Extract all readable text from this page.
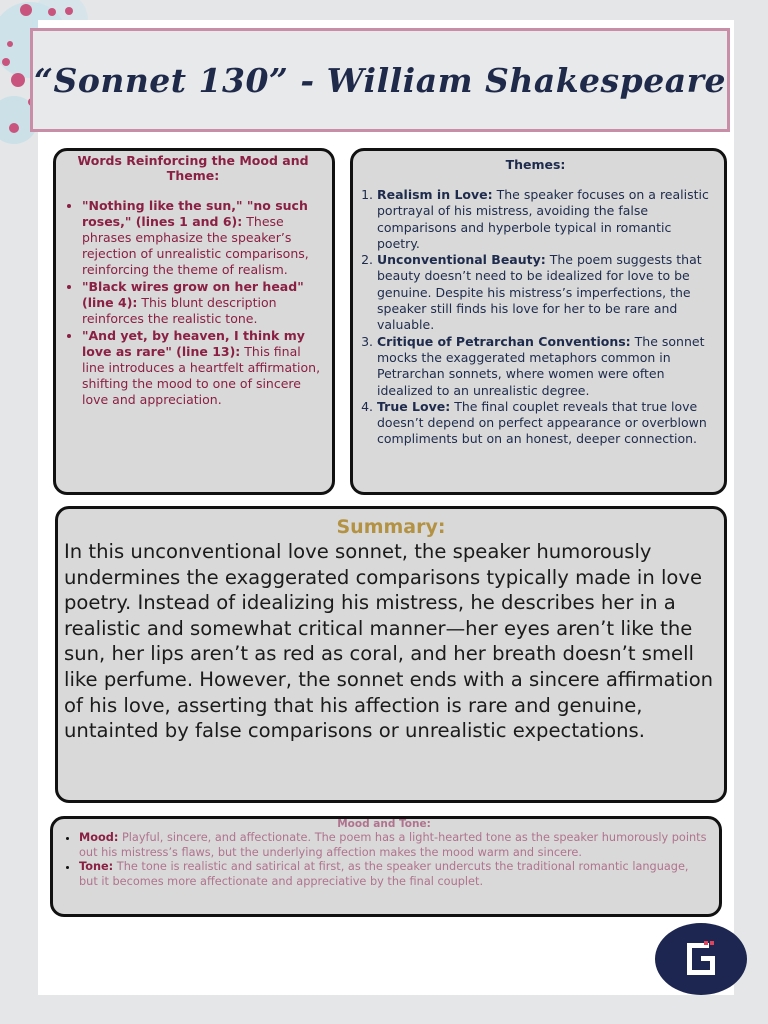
“Sonnet 130” - William Shakespeare
Words Reinforcing the Mood and Theme:
• "Nothing like the sun," "no such roses," (lines 1 and 6): These phrases emphasize the speaker’s rejection of unrealistic comparisons, reinforcing the theme of realism.
• "Black wires grow on her head" (line 4): This blunt description reinforces the realistic tone.
• "And yet, by heaven, I think my love as rare" (line 13): This final line introduces a heartfelt affirmation, shifting the mood to one of sincere love and appreciation.
Themes:
1. Realism in Love: The speaker focuses on a realistic portrayal of his mistress, avoiding the false comparisons and hyperbole typical in romantic poetry.
2. Unconventional Beauty: The poem suggests that beauty doesn’t need to be idealized for love to be genuine. Despite his mistress’s imperfections, the speaker still finds his love for her to be rare and valuable.
3. Critique of Petrarchan Conventions: The sonnet mocks the exaggerated metaphors common in Petrarchan sonnets, where women were often idealized to an unrealistic degree.
4. True Love: The final couplet reveals that true love doesn’t depend on perfect appearance or overblown compliments but on an honest, deeper connection.
Summary:
In this unconventional love sonnet, the speaker humorously undermines the exaggerated comparisons typically made in love poetry. Instead of idealizing his mistress, he describes her in a realistic and somewhat critical manner—her eyes aren’t like the sun, her lips aren’t as red as coral, and her breath doesn’t smell like perfume. However, the sonnet ends with a sincere affirmation of his love, asserting that his affection is rare and genuine, untainted by false comparisons or unrealistic expectations.
Mood and Tone:
• Mood: Playful, sincere, and affectionate. The poem has a light-hearted tone as the speaker humorously points out his mistress’s flaws, but the underlying affection makes the mood warm and sincere.
• Tone: The tone is realistic and satirical at first, as the speaker undercuts the traditional romantic language, but it becomes more affectionate and appreciative by the final couplet.
